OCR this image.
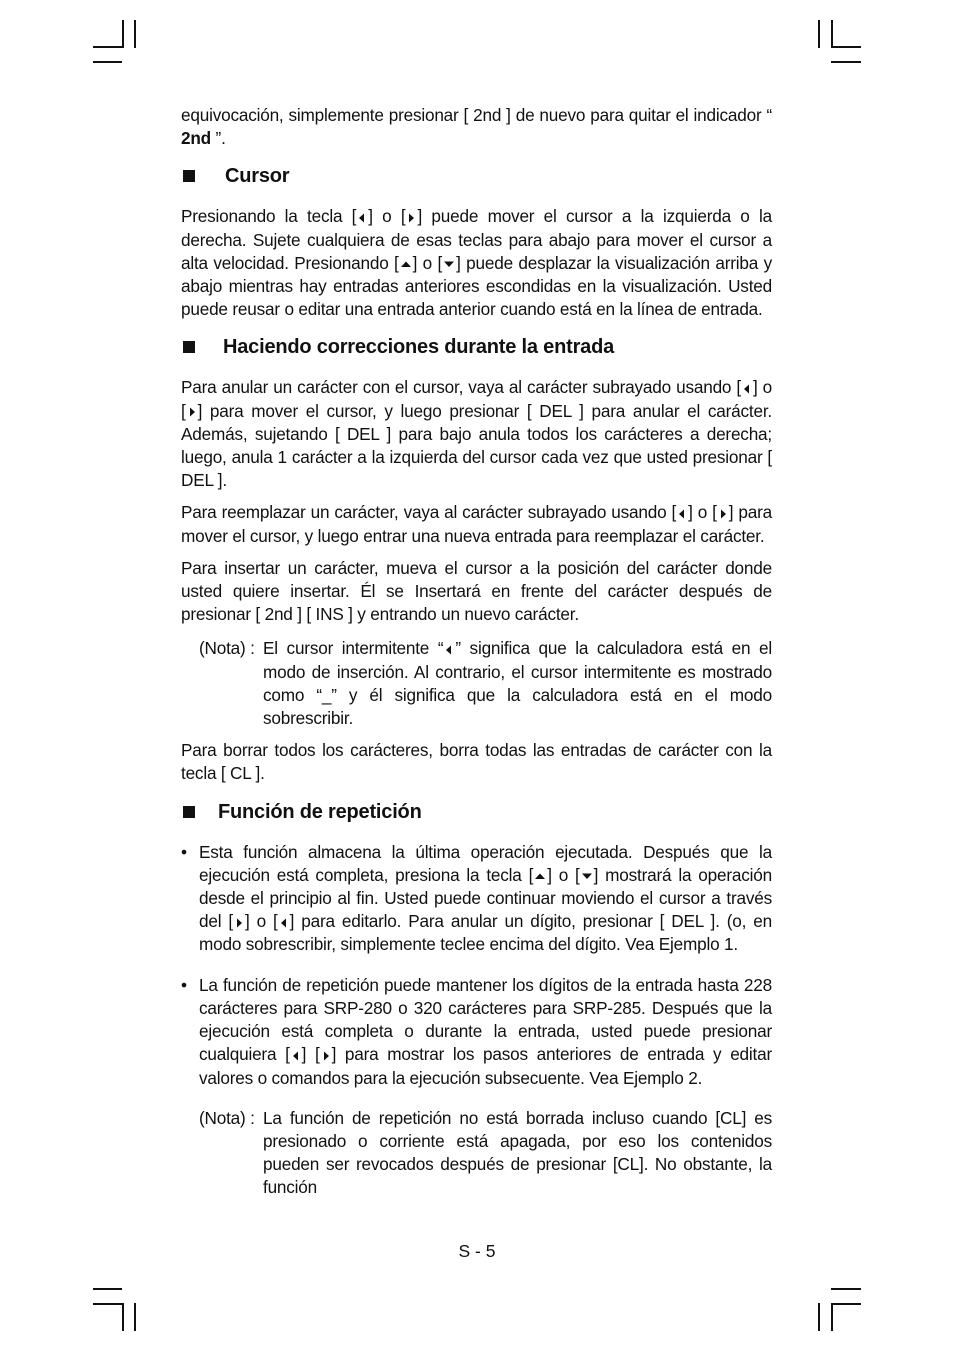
equivocación, simplemente presionar [ 2nd ] de nuevo para quitar el indicador “ 2nd ”.

Cursor

Presionando la tecla [ ] o [ ] puede mover el cursor a la izquierda o la derecha. Sujete cualquiera de esas teclas para abajo para mover el cursor a alta velocidad. Presionando [ ] o [ ] puede desplazar la visualización arriba y abajo mientras hay entradas anteriores escondidas en la visualización. Usted puede reusar o editar una entrada anterior cuando está en la línea de entrada.

Haciendo correcciones durante la entrada

Para anular un carácter con el cursor, vaya al carácter subrayado usando [ ] o [ ] para mover el cursor, y luego presionar [ DEL ] para anular el carácter. Además, sujetando [ DEL ] para bajo anula todos los carácteres a derecha; luego, anula 1 carácter a la izquierda del cursor cada vez que usted presionar [ DEL ].

Para reemplazar un carácter, vaya al carácter subrayado usando [ ] o [ ] para mover el cursor, y luego entrar una nueva entrada para reemplazar el carácter.

Para insertar un carácter, mueva el cursor a la posición del carácter donde usted quiere insertar. Él se Insertará en frente del carácter después de presionar [ 2nd ] [ INS ] y entrando un nuevo carácter.

(Nota) : El cursor intermitente “ ” significa que la calculadora está en el modo de inserción. Al contrario, el cursor intermitente es mostrado como “_” y él significa que la calculadora está en el modo sobrescribir.

Para borrar todos los carácteres, borra todas las entradas de carácter con la tecla [ CL ].

Función de repetición
• Esta función almacena la última operación ejecutada. Después que la ejecución está completa, presiona la tecla [ ] o [ ] mostrará la operación desde el principio al fin. Usted puede continuar moviendo el cursor a través del [ ] o [ ] para editarlo. Para anular un dígito, presionar [ DEL ]. (o, en modo sobrescribir, simplemente teclee encima del dígito. Vea Ejemplo 1.
• La función de repetición puede mantener los dígitos de la entrada hasta 228 carácteres para SRP-280 o 320 carácteres para SRP-285. Después que la ejecución está completa o durante la entrada, usted puede presionar cualquiera [ ] [ ] para mostrar los pasos anteriores de entrada y editar valores o comandos para la ejecución subsecuente. Vea Ejemplo 2.
(Nota) : La función de repetición no está borrada incluso cuando [CL] es presionado o corriente está apagada, por eso los contenidos pueden ser revocados después de presionar [CL]. No obstante, la función
S - 5
